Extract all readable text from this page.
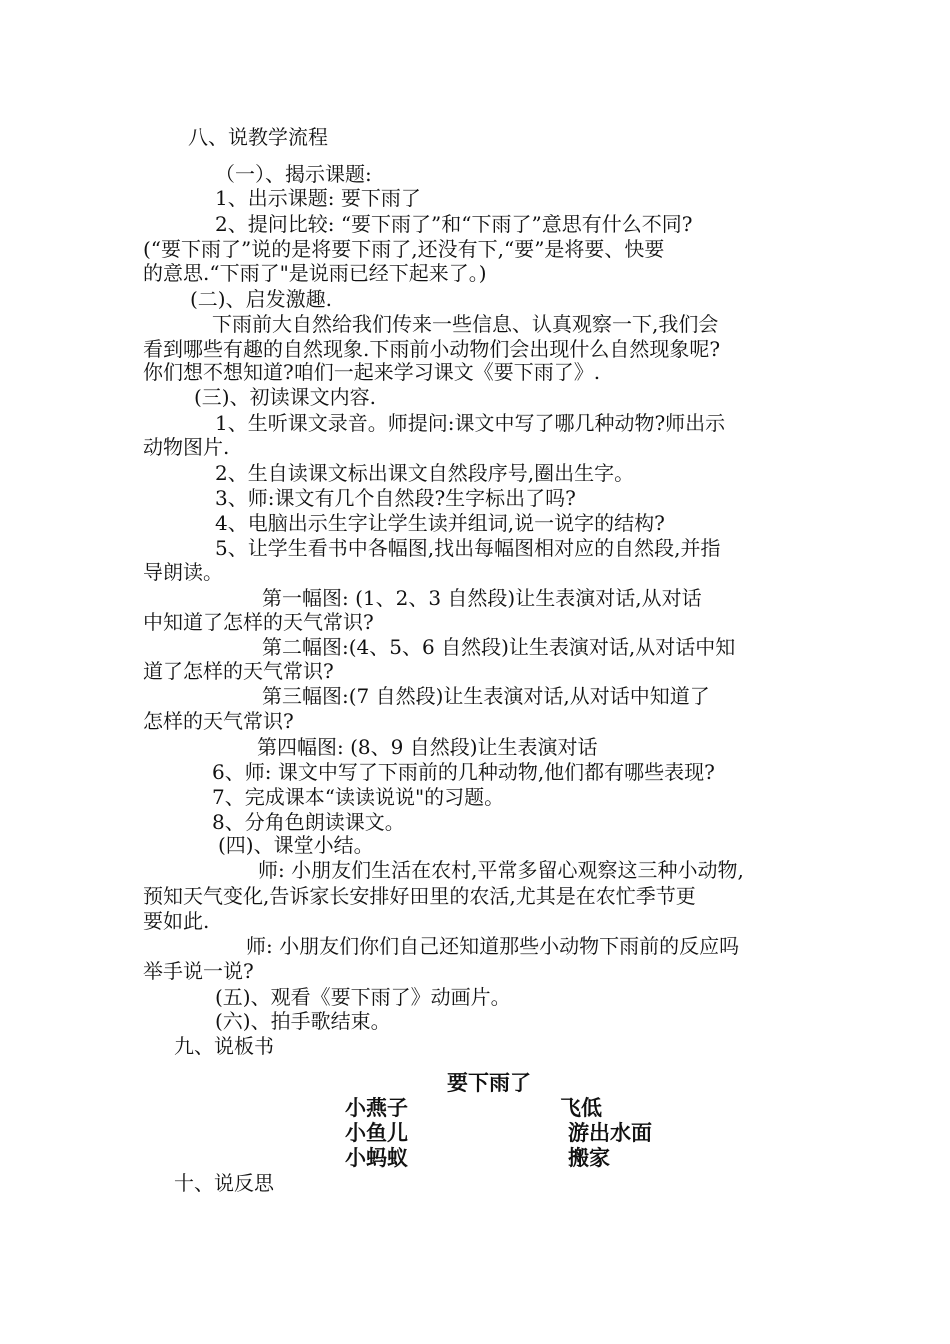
八、说教学流程
（一）、揭示课题:
1、出示课题: 要下雨了
2、提问比较: “要下雨了”和“下雨了”意思有什么不同?
(“要下雨了”说的是将要下雨了,还没有下,“要”是将要、快要
的意思.“下雨了"是说雨已经下起来了。)
(二)、启发激趣.
下雨前大自然给我们传来一些信息、认真观察一下,我们会
看到哪些有趣的自然现象.下雨前小动物们会出现什么自然现象呢?
你们想不想知道?咱们一起来学习课文《要下雨了》.
(三)、初读课文内容.
1、生听课文录音。师提问:课文中写了哪几种动物?师出示
动物图片.
2、生自读课文标出课文自然段序号,圈出生字。
3、师:课文有几个自然段?生字标出了吗?
4、电脑出示生字让学生读并组词,说一说字的结构?
5、让学生看书中各幅图,找出每幅图相对应的自然段,并指
导朗读。
第一幅图: (1、2、3 自然段)让生表演对话,从对话
中知道了怎样的天气常识?
第二幅图:(4、5、6 自然段)让生表演对话,从对话中知
道了怎样的天气常识?
第三幅图:(7 自然段)让生表演对话,从对话中知道了
怎样的天气常识?
第四幅图: (8、9 自然段)让生表演对话
6、师: 课文中写了下雨前的几种动物,他们都有哪些表现?
7、完成课本“读读说说"的习题。
8、分角色朗读课文。
(四)、课堂小结。
师: 小朋友们生活在农村,平常多留心观察这三种小动物,
预知天气变化,告诉家长安排好田里的农活,尤其是在农忙季节更
要如此.
师: 小朋友们你们自己还知道那些小动物下雨前的反应吗
举手说一说?
(五)、观看《要下雨了》动画片。
(六)、拍手歌结束。
九、说板书
要下雨了
小燕子	飞低
小鱼儿	游出水面
小蚂蚁	搬家
十、说反思
